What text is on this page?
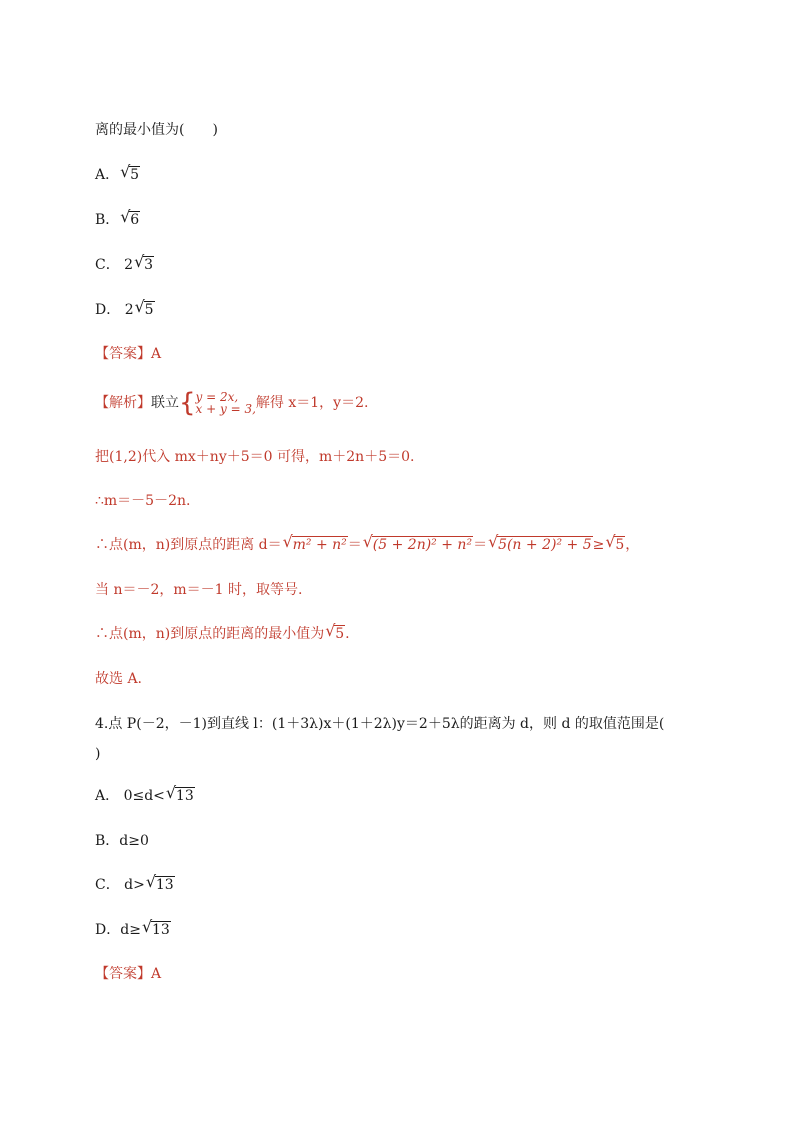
离的最小值为(　　)
A． √ 5
B． √ 6
C． 2 √ 3
D． 2 √ 5
【答案】A
【解析】联立{y = 2x,
x + y = 3,解得 x＝1，y＝2.
把(1,2)代入 mx＋ny＋5＝0 可得，m＋2n＋5＝0.
∴m＝－5－2n.
∴点(m，n)到原点的距离 d＝ √ m² + n²＝ √ (5 + 2n)² + n²＝ √ 5(n + 2)² + 5≥ √ 5，
当 n＝－2，m＝－1 时，取等号.
∴点(m，n)到原点的距离的最小值为 √ 5.
故选 A.
4.点 P(－2，－1)到直线 l：(1＋3λ)x＋(1＋2λ)y＝2＋5λ的距离为 d，则 d 的取值范围是(
)
A． 0≤d< √ 13
B．d≥0
C． d> √ 13
D．d≥ √ 13
【答案】A
